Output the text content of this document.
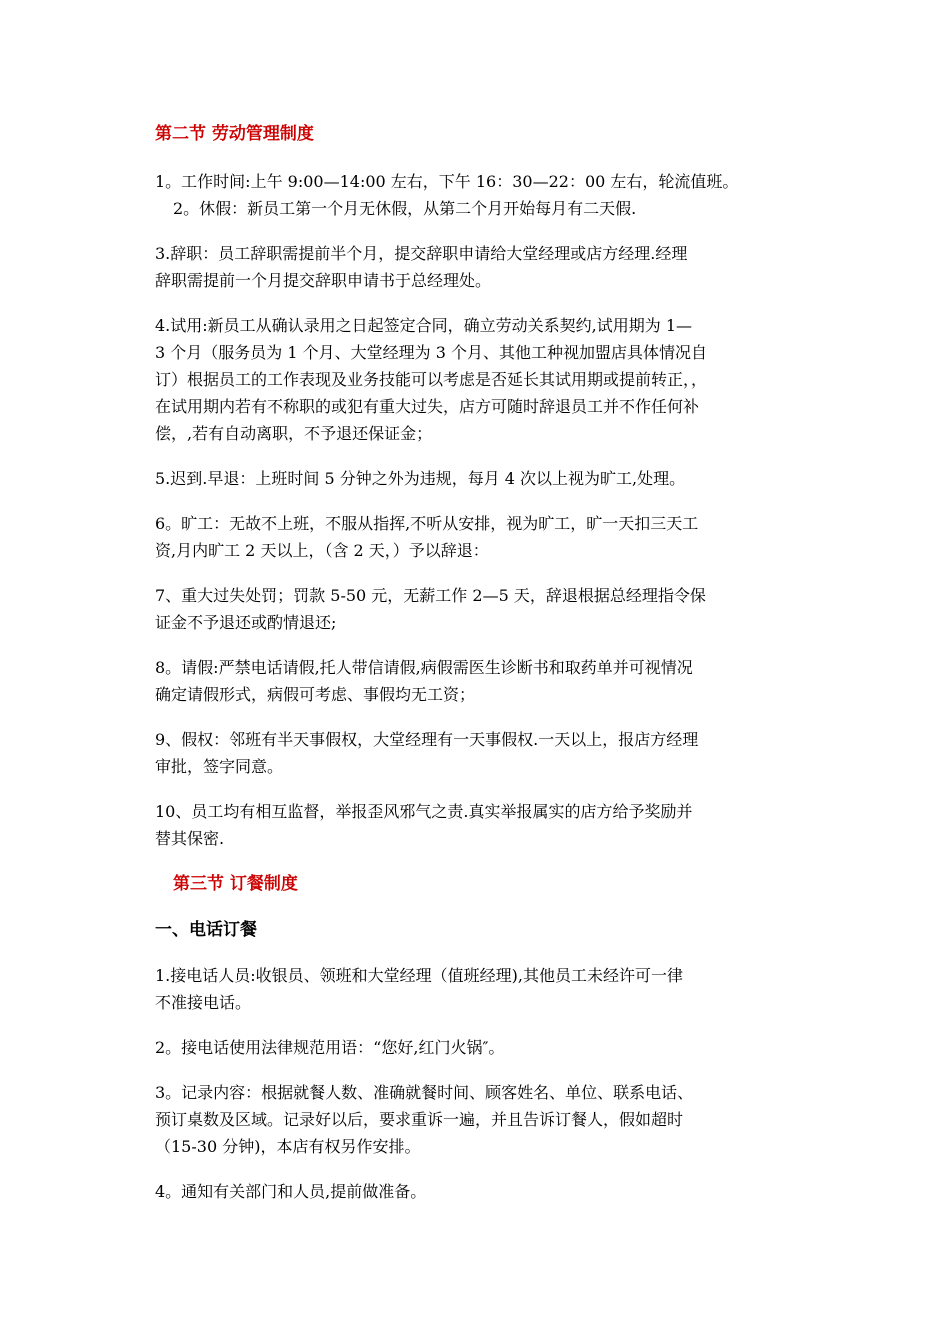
第二节 劳动管理制度

1。工作时间:上午 9:00—14:00 左右，下午 16：30—22：00 左右，轮流值班。

2。休假：新员工第一个月无休假，从第二个月开始每月有二天假.

3.辞职：员工辞职需提前半个月，提交辞职申请给大堂经理或店方经理.经理
辞职需提前一个月提交辞职申请书于总经理处。

4.试用:新员工从确认录用之日起签定合同，确立劳动关系契约,试用期为 1—
3 个月（服务员为 1 个月、大堂经理为 3 个月、其他工种视加盟店具体情况自
订）根据员工的工作表现及业务技能可以考虑是否延长其试用期或提前转正，，
在试用期内若有不称职的或犯有重大过失，店方可随时辞退员工并不作任何补
偿，,若有自动离职，不予退还保证金；

5.迟到.早退：上班时间 5 分钟之外为违规，每月 4 次以上视为旷工,处理。

6。旷工：无故不上班，不服从指挥,不听从安排，视为旷工，旷一天扣三天工
资,月内旷工 2 天以上，（含 2 天，）予以辞退：

7、重大过失处罚；罚款 5-50 元，无薪工作 2—5 天，辞退根据总经理指令保
证金不予退还或酌情退还;

8。请假:严禁电话请假,托人带信请假,病假需医生诊断书和取药单并可视情况
确定请假形式，病假可考虑、事假均无工资；

9、假权：邻班有半天事假权，大堂经理有一天事假权.一天以上，报店方经理
审批，签字同意。

10、员工均有相互监督，举报歪风邪气之责.真实举报属实的店方给予奖励并
替其保密.

第三节 订餐制度
一、电话订餐

1.接电话人员:收银员、领班和大堂经理（值班经理),其他员工未经许可一律
不准接电话。

2。接电话使用法律规范用语：“您好,红门火锅″。

3。记录内容：根据就餐人数、准确就餐时间、顾客姓名、单位、联系电话、
预订桌数及区域。记录好以后，要求重诉一遍，并且告诉订餐人，假如超时
（15-30 分钟)，本店有权另作安排。

4。通知有关部门和人员,提前做准备。
